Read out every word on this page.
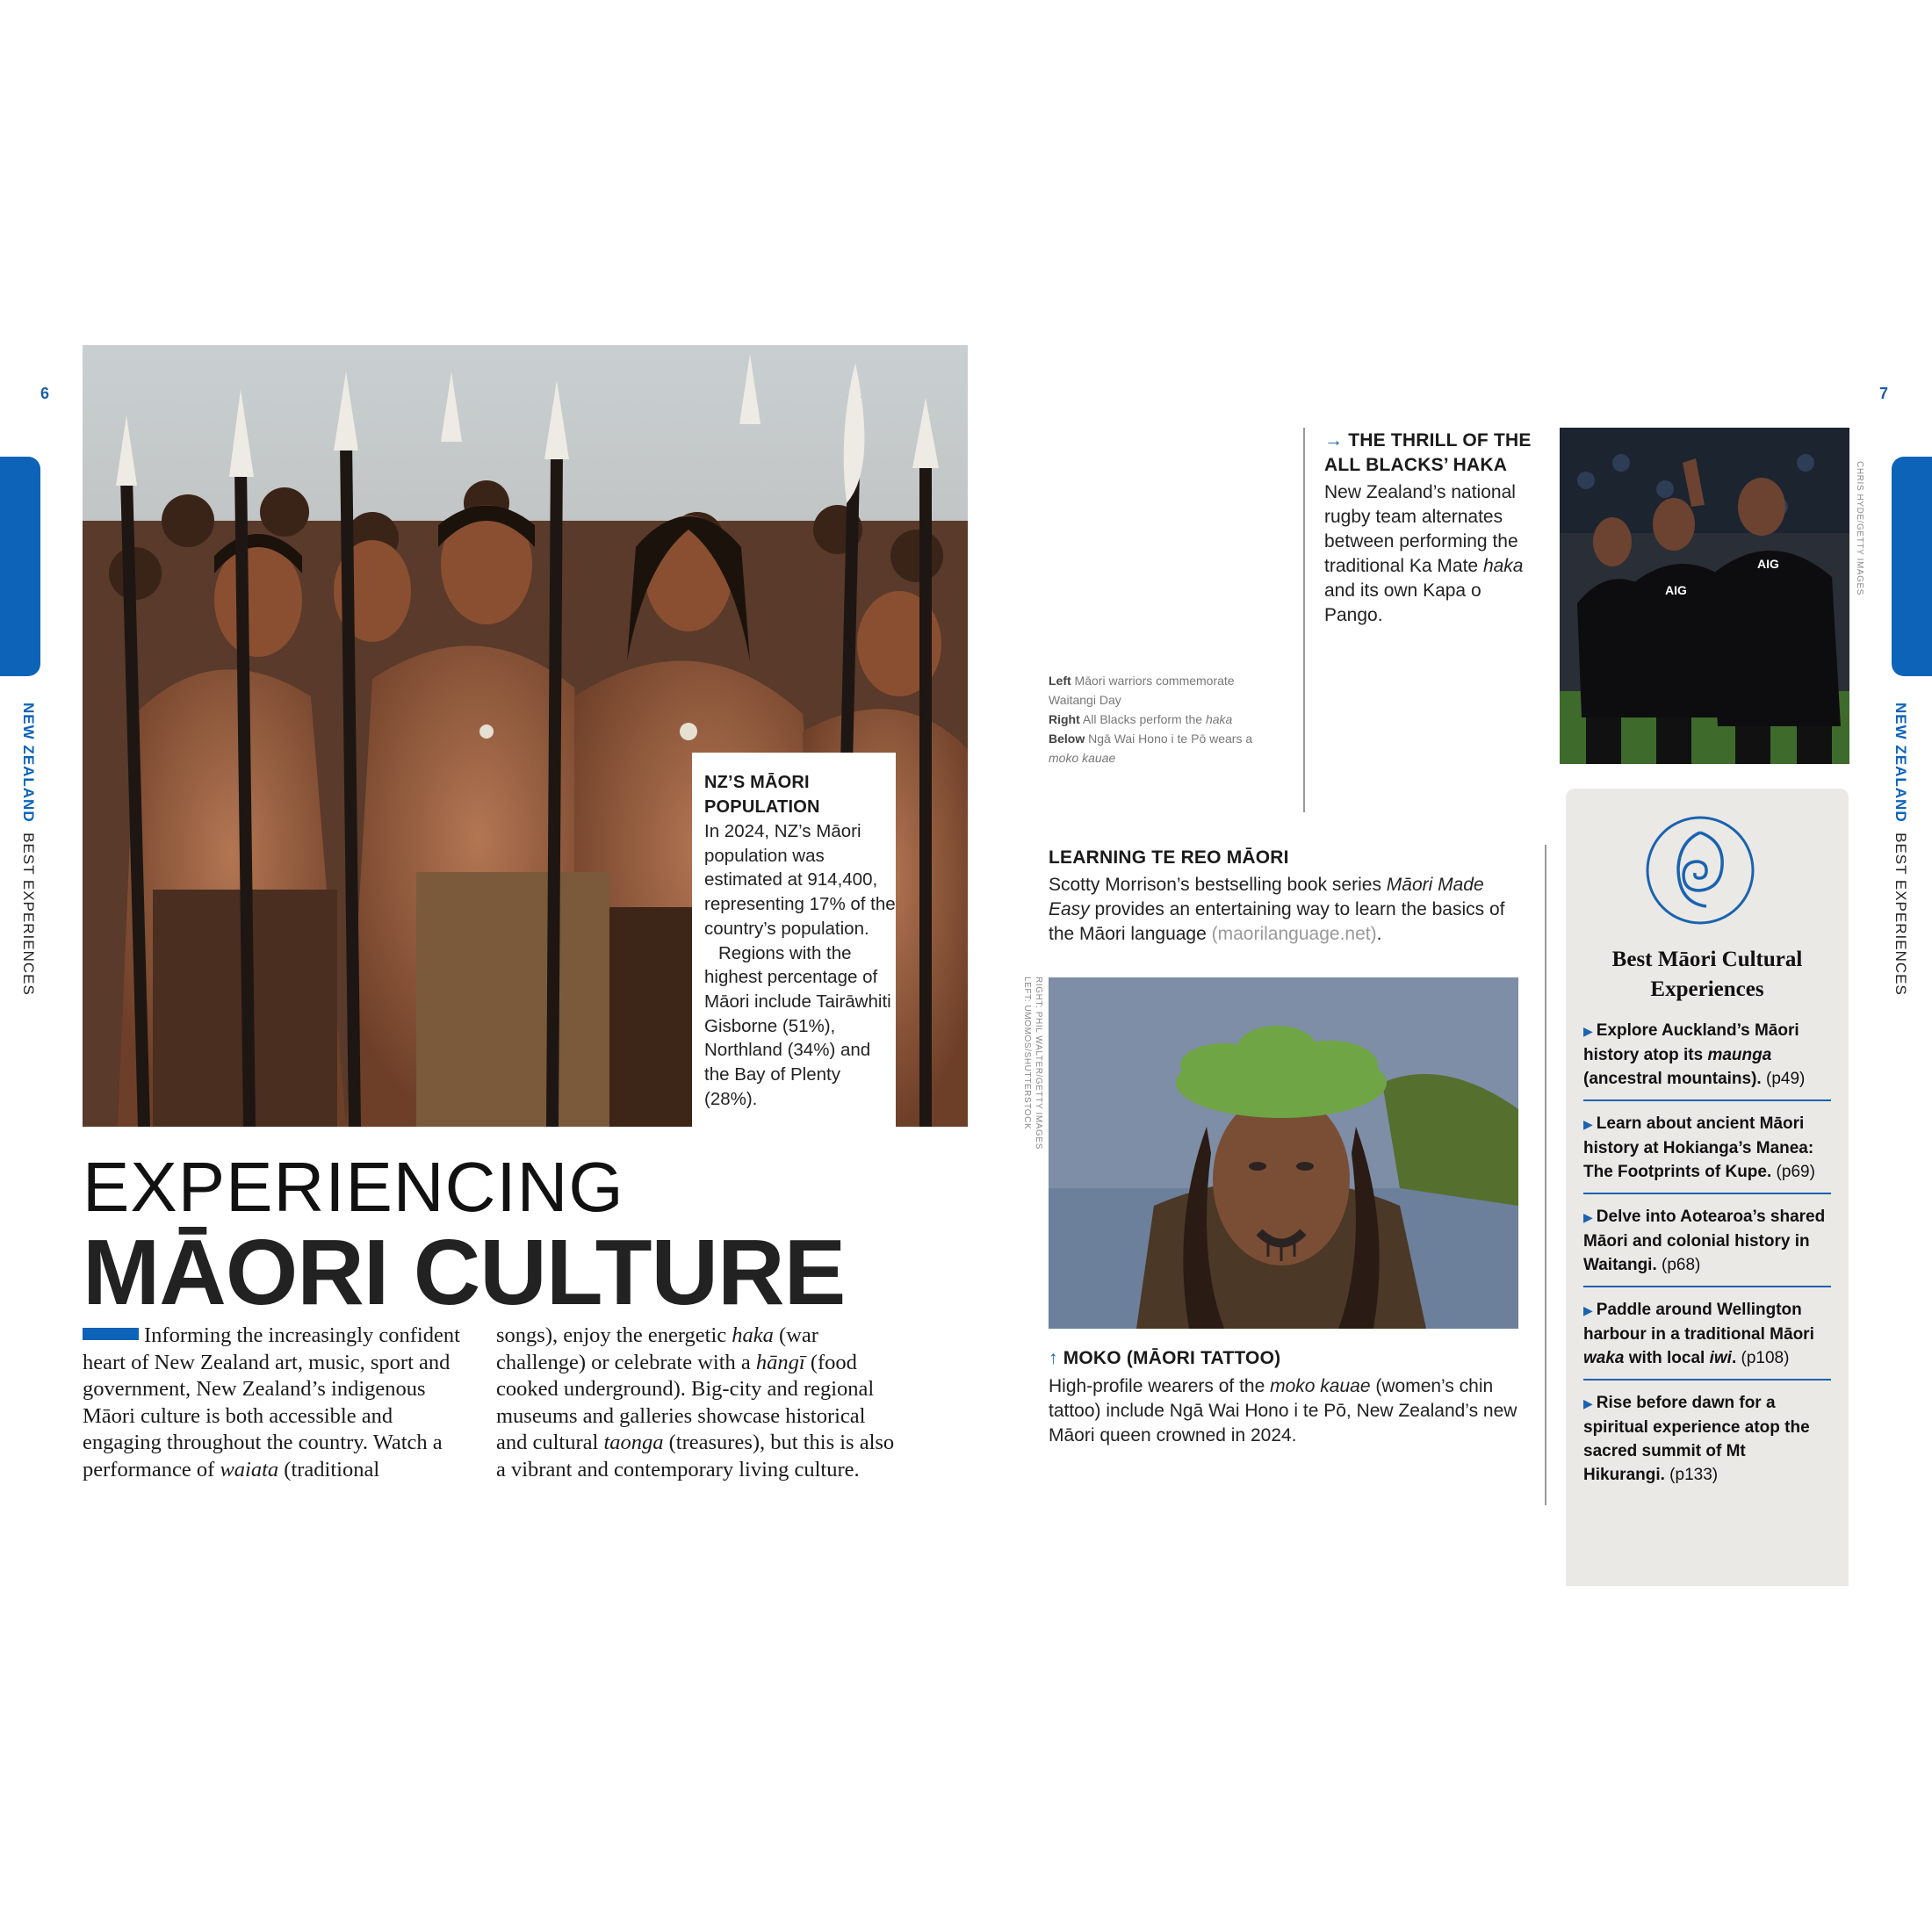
6	7
NEW ZEALAND  BEST EXPERIENCES
NEW ZEALAND  BEST EXPERIENCES
NZ’S MĀORI POPULATION
In 2024, NZ’s Māori population was estimated at 914,400, representing 17% of the country’s population.
Regions with the highest percentage of Māori include Tairāwhiti Gisborne (51%), Northland (34%) and the Bay of Plenty (28%).
EXPERIENCING
MĀORI CULTURE
Informing the increasingly confident heart of New Zealand art, music, sport and government, New Zealand’s indigenous Māori culture is both accessible and engaging throughout the country. Watch a performance of waiata (traditional
songs), enjoy the energetic haka (war challenge) or celebrate with a hāngī (food cooked underground). Big-city and regional museums and galleries showcase historical and cultural taonga (treasures), but this is also a vibrant and contemporary living culture.
Left Māori warriors commemorate Waitangi Day
Right All Blacks perform the haka
Below Ngā Wai Hono i te Pō wears a moko kauae
→ THE THRILL OF THE ALL BLACKS’ HAKA
New Zealand’s national rugby team alternates between performing the traditional Ka Mate haka and its own Kapa o Pango.
AIG
AIG	CHRIS HYDE/GETTY IMAGES
LEARNING TE REO MĀORI
Scotty Morrison’s bestselling book series Māori Made Easy provides an entertaining way to learn the basics of the Māori language (maorilanguage.net).
RIGHT: PHIL WALTER/GETTY IMAGES
LEFT: UMOMOS/SHUTTERSTOCK
↑ MOKO (MĀORI TATTOO)
High-profile wearers of the moko kauae (women’s chin tattoo) include Ngā Wai Hono i te Pō, New Zealand’s new Māori queen crowned in 2024.
Best Māori Cultural Experiences
▶ Explore Auckland’s Māori history atop its maunga (ancestral mountains). (p49)
▶ Learn about ancient Māori history at Hokianga’s Manea: The Footprints of Kupe. (p69)
▶ Delve into Aotearoa’s shared Māori and colonial history in Waitangi. (p68)
▶ Paddle around Wellington harbour in a traditional Māori waka with local iwi. (p108)
▶ Rise before dawn for a spiritual experience atop the sacred summit of Mt Hikurangi. (p133)
